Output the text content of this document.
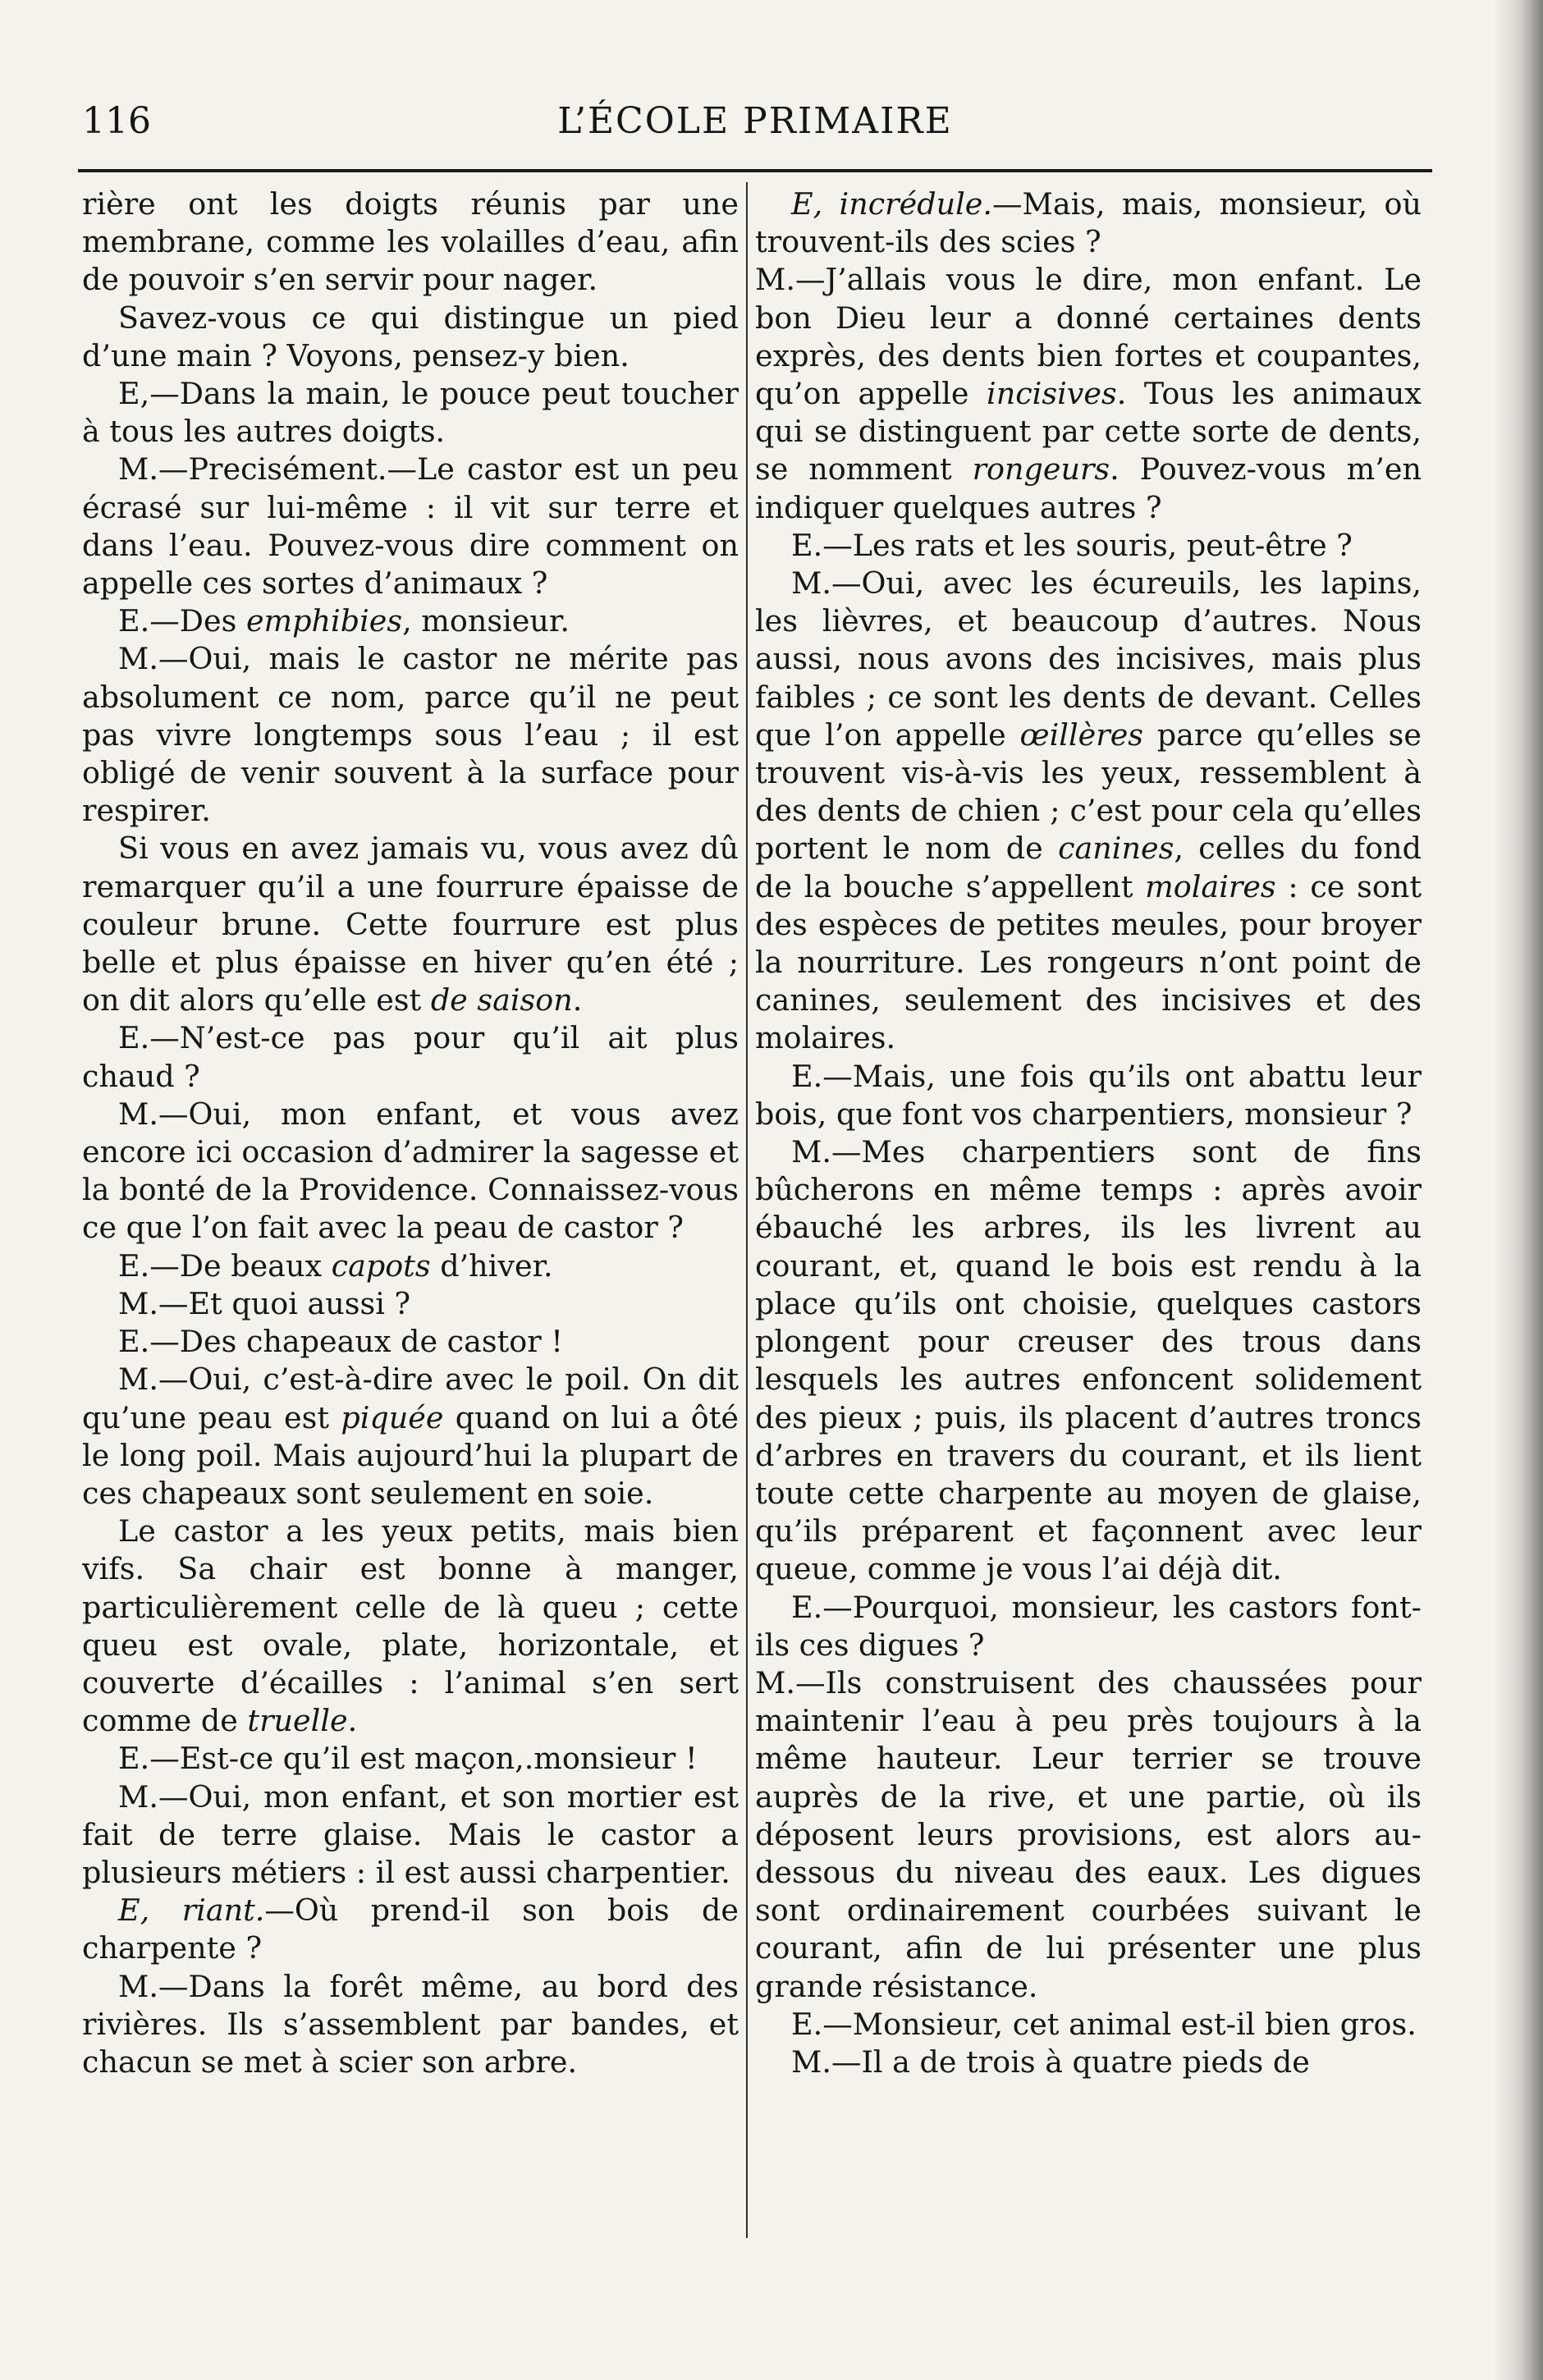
116	L’ÉCOLE PRIMAIRE

rière ont les doigts réunis par une membrane, comme les volailles d’eau, afin de pouvoir s’en servir pour nager.

Savez-vous ce qui distingue un pied d’une main ? Voyons, pensez-y bien.

E,—Dans la main, le pouce peut toucher à tous les autres doigts.

M.—Precisément.—Le castor est un peu écrasé sur lui-même : il vit sur terre et dans l’eau. Pouvez-vous dire comment on appelle ces sortes d’animaux ?

E.—Des emphibies, monsieur.

M.—Oui, mais le castor ne mérite pas absolument ce nom, parce qu’il ne peut pas vivre longtemps sous l’eau ; il est obligé de venir souvent à la surface pour respirer.

Si vous en avez jamais vu, vous avez dû remarquer qu’il a une fourrure épaisse de couleur brune. Cette fourrure est plus belle et plus épaisse en hiver qu’en été ; on dit alors qu’elle est de saison.

E.—N’est-ce pas pour qu’il ait plus chaud ?

M.—Oui, mon enfant, et vous avez encore ici occasion d’admirer la sagesse et la bonté de la Providence. Connaissez-vous ce que l’on fait avec la peau de castor ?

E.—De beaux capots d’hiver.

M.—Et quoi aussi ?

E.—Des chapeaux de castor !

M.—Oui, c’est-à-dire avec le poil. On dit qu’une peau est piquée quand on lui a ôté le long poil. Mais aujourd’hui la plupart de ces chapeaux sont seulement en soie.

Le castor a les yeux petits, mais bien vifs. Sa chair est bonne à manger, particulièrement celle de là queu ; cette queu est ovale, plate, horizontale, et couverte d’écailles : l’animal s’en sert comme de truelle.

E.—Est-ce qu’il est maçon,.monsieur !

M.—Oui, mon enfant, et son mortier est fait de terre glaise. Mais le castor a plusieurs métiers : il est aussi charpentier.

E, riant.—Où prend-il son bois de charpente ?

M.—Dans la forêt même, au bord des rivières. Ils s’assemblent par bandes, et chacun se met à scier son arbre.

E, incrédule.—Mais, mais, monsieur, où trouvent-ils des scies ?

M.—J’allais vous le dire, mon enfant. Le bon Dieu leur a donné certaines dents exprès, des dents bien fortes et coupantes, qu’on appelle incisives. Tous les animaux qui se distinguent par cette sorte de dents, se nomment rongeurs. Pouvez-vous m’en indiquer quelques autres ?

E.—Les rats et les souris, peut-être ?

M.—Oui, avec les écureuils, les lapins, les lièvres, et beaucoup d’autres. Nous aussi, nous avons des incisives, mais plus faibles ; ce sont les dents de devant. Celles que l’on appelle œillères parce qu’elles se trouvent vis-à-vis les yeux, ressemblent à des dents de chien ; c’est pour cela qu’elles portent le nom de canines, celles du fond de la bouche s’appellent molaires : ce sont des espèces de petites meules, pour broyer la nourriture. Les rongeurs n’ont point de canines, seulement des incisives et des molaires.

E.—Mais, une fois qu’ils ont abattu leur bois, que font vos charpentiers, monsieur ?

M.—Mes charpentiers sont de fins bûcherons en même temps : après avoir ébauché les arbres, ils les livrent au courant, et, quand le bois est rendu à la place qu’ils ont choisie, quelques castors plongent pour creuser des trous dans lesquels les autres enfoncent solidement des pieux ; puis, ils placent d’autres troncs d’arbres en travers du courant, et ils lient toute cette charpente au moyen de glaise, qu’ils préparent et façonnent avec leur queue, comme je vous l’ai déjà dit.

E.—Pourquoi, monsieur, les castors font-ils ces digues ?

M.—Ils construisent des chaussées pour maintenir l’eau à peu près toujours à la même hauteur. Leur terrier se trouve auprès de la rive, et une partie, où ils déposent leurs provisions, est alors au-dessous du niveau des eaux. Les digues sont ordinairement courbées suivant le courant, afin de lui présenter une plus grande résistance.

E.—Monsieur, cet animal est-il bien gros.

M.—Il a de trois à quatre pieds de
